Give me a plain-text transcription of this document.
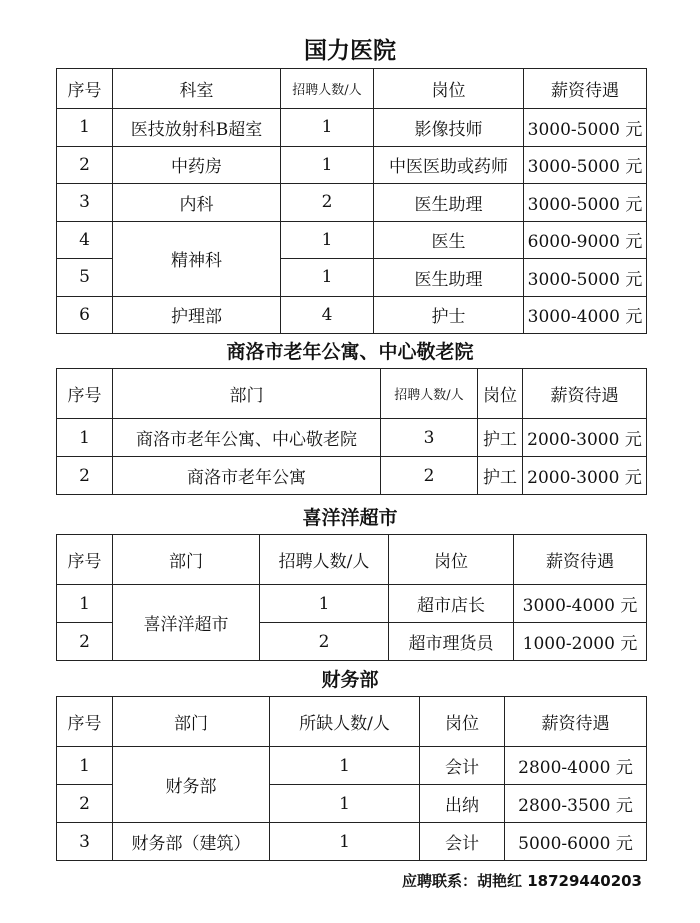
国力医院
序号	科室	招聘人数/人	岗位	薪资待遇
1	医技放射科B超室	1	影像技师	3000-5000 元
2	中药房	1	中医医助或药师	3000-5000 元
3	内科	2	医生助理	3000-5000 元
4	精神科	1	医生	6000-9000 元
5		1	医生助理	3000-5000 元
6	护理部	4	护士	3000-4000 元
商洛市老年公寓、中心敬老院
序号	部门	招聘人数/人	岗位	薪资待遇
1	商洛市老年公寓、中心敬老院	3	护工	2000-3000 元
2	商洛市老年公寓	2	护工	2000-3000 元
喜洋洋超市
序号	部门	招聘人数/人	岗位	薪资待遇
1	喜洋洋超市	1	超市店长	3000-4000 元
2		2	超市理货员	1000-2000 元
财务部
序号	部门	所缺人数/人	岗位	薪资待遇
1	财务部	1	会计	2800-4000 元
2		1	出纳	2800-3500 元
3	财务部（建筑）	1	会计	5000-6000 元
应聘联系：胡艳红 18729440203
